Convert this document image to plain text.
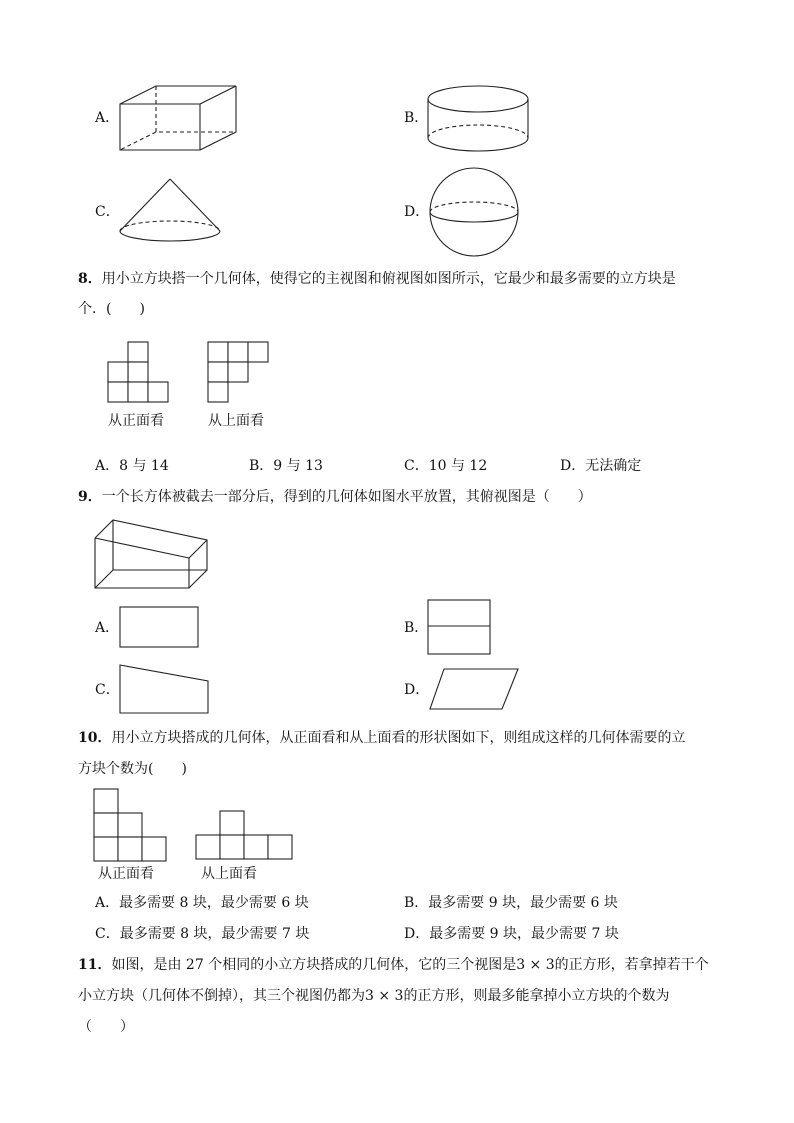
A．	B．
C．	D．
8．用小立方块搭一个几何体，使得它的主视图和俯视图如图所示，它最少和最多需要的立方块是
个．(　　)
从正面看	从上面看
A．8 与 14	B．9 与 13	C．10 与 12	D．无法确定
9．一个长方体被截去一部分后，得到的几何体如图水平放置，其俯视图是（　　）
A．	B．
C．	D．
10．用小立方块搭成的几何体，从正面看和从上面看的形状图如下，则组成这样的几何体需要的立
方块个数为(　　)
从正面看	从上面看
A．最多需要 8 块，最少需要 6 块	B．最多需要 9 块，最少需要 6 块
C．最多需要 8 块，最少需要 7 块	D．最多需要 9 块，最少需要 7 块
11．如图，是由 27 个相同的小立方块搭成的几何体，它的三个视图是3 × 3的正方形，若拿掉若干个
小立方块（几何体不倒掉），其三个视图仍都为3 × 3的正方形，则最多能拿掉小立方块的个数为
（　　）
